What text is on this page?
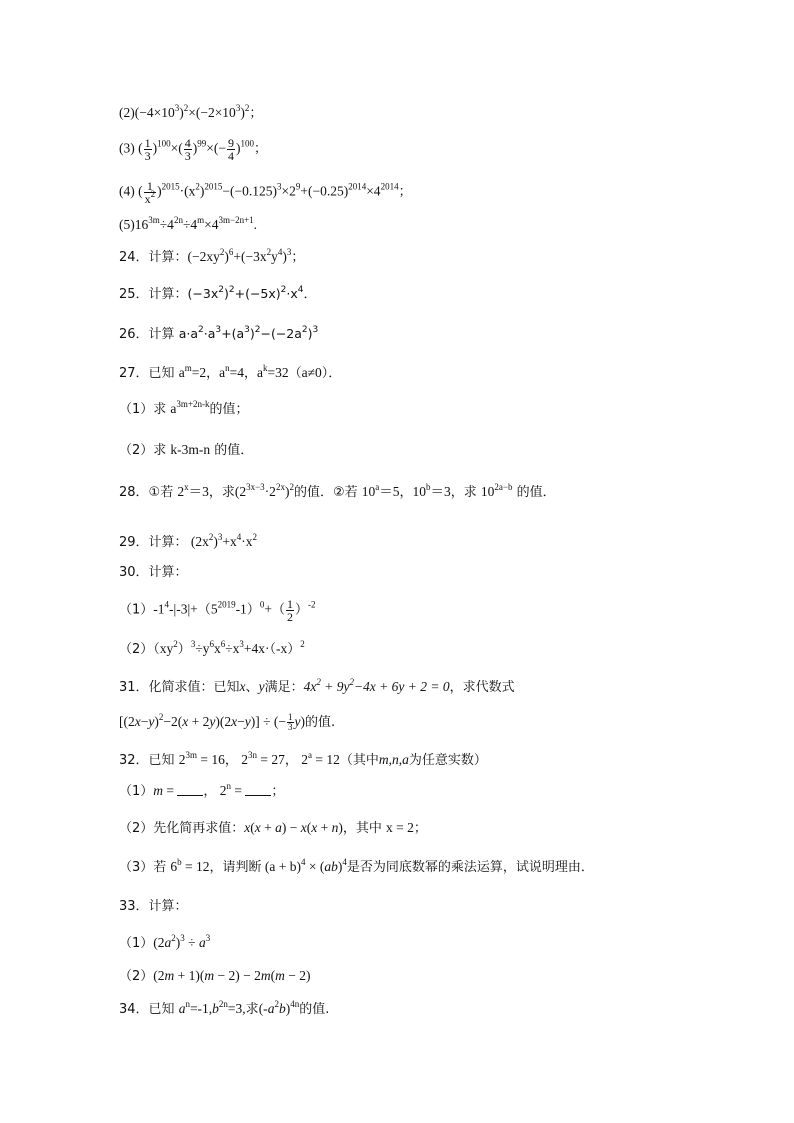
$(2)(-4\times 10^3)^2\times(-2\times 10^3)^2$；
(3) ( $\frac{1}{3} )^{100}\times( \frac{4}{3} )^{99}\times(- \frac{9}{4} )^{100}$；
(4) ( $\frac{1}{x^2} )^{2015}\cdot(x^2)^{2015}-(-0.125)^3\times 2^9+(-0.25)^{2014}\times 4^{2014}$；
$(5)16^{3m}\div 4^{2n}\div 4^m\times 4^{3m-2n+1}$.
24．计算：$(-2xy^2)^6+(-3x^2y^4)^3$；
25．计算：$(-3x^2)^2+(-5x)^2\cdot x^4$．
26．计算 $a\cdot a^2\cdot a^3+(a^3)^2-(-2a^2)^3$
27．已知 $a^m=2$，$a^n=4$，$a^k=32(a\ne 0)$．
（1）求 $a^{3m+2n-k}$的值；
（2）求 k-3m-n 的值．
28．①若 $2^x=3$，求$(2^{3x-3}\cdot 2^{2x})^2$的值．②若 $10^a=5$，$10^b=3$，求 $10^{2a-b}$ 的值．
29．计算： $(2x^2)^3+x^4\cdot x^2$
30．计算：
$(1)-1^4-|-3|+(5^{2019}-1)^0+( \frac{1}{2} )^{-2}$
$(2)(xy^2)^3\div y^6x^6\div x^3+4x\cdot(-x)^2$
31．化简求值：已知x、y满足：$4x^2 + 9y^2-4x + 6y + 2 = 0$，求代数式
$[(2x-y)^2-2(x + 2y)(2x-y)]$ ÷ (− $\frac{1}{3} y$)的值.
32．已知 $2^{3m} = 16$， $2^{3n} = 27$， $2^a = 12$（其中m,n,a为任意实数）
（1）m = ， $2^n$ = ；
（2）先化简再求值：x(x + a) − x(x + n)，其中 x = 2；
（3）若 $6^b = 12$，请判断 $(a + b)^4 \times (ab)^4$是否为同底数幂的乘法运算，试说明理由．
33．计算：
$(1)(2a^2)^3 \div a^3$
（2）(2m + 1)(m − 2) − 2m(m − 2)
34．已知 $a^n=-1,b^{2n}=3$,求$(-a^2b)^{4n}$的值.
